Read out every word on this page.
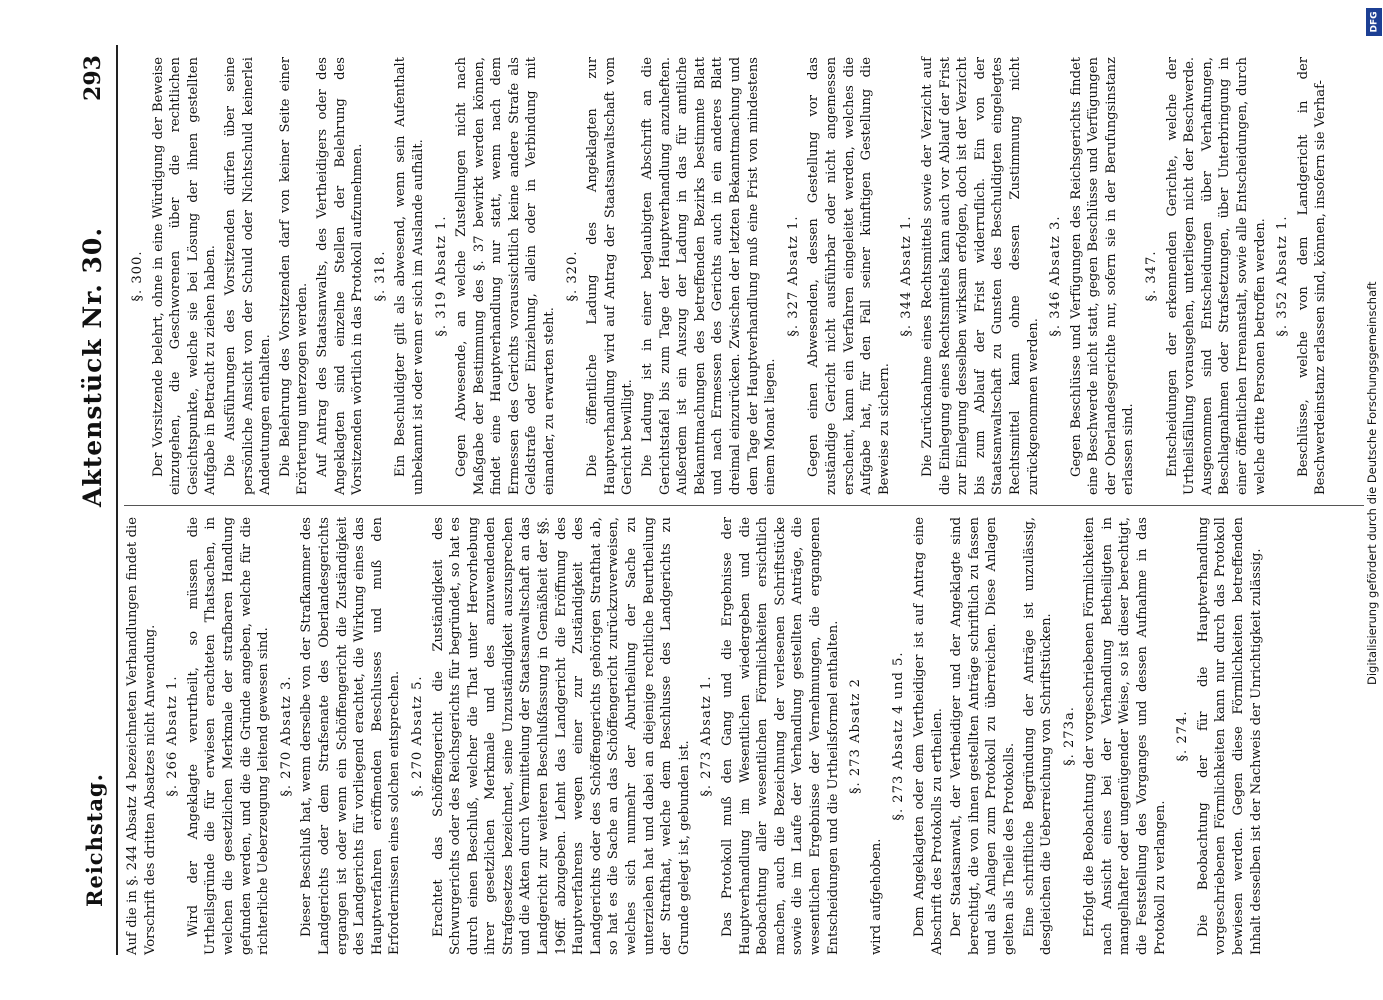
Reichstag.
Aktenstück Nr. 30.
293
Auf die in §. 244 Absatz 4 bezeichneten Verhandlungen findet die Vorschrift des dritten Absatzes nicht Anwendung. §. 266 Absatz 1. Wird der Angeklagte verurtheilt, so müssen die Urtheilsgründe die für erwiesen erachteten Thatsachen, in welchen die gesetzlichen Merkmale der strafbaren Handlung gefunden werden, und die die Gründe angeben, welche für die richterliche Ueberzeugung leitend gewesen sind. §. 270 Absatz 3. Dieser Beschluß hat, wenn derselbe von der Strafkammer des Landgerichts oder dem Strafsenate des Oberlandesgerichts ergangen ist oder wenn ein Schöffengericht die Zuständigkeit des Landgerichts für vorliegend erachtet, die Wirkung eines das Hauptverfahren eröffnenden Beschlusses und muß den Erfordernissen eines solchen entsprechen. §. 270 Absatz 5. Erachtet das Schöffengericht die Zuständigkeit des Schwurgerichts oder des Reichsgerichts für begründet, so hat es durch einen Beschluß, welcher die That unter Hervorhebung ihrer gesetzlichen Merkmale und des anzuwendenden Strafgesetzes bezeichnet, seine Unzuständigkeit auszusprechen und die Akten durch Vermittelung der Staatsanwaltschaft an das Landgericht zur weiteren Beschlußfassung in Gemäßheit der §§. 196ff. abzugeben. Lehnt das Landgericht die Eröffnung des Hauptverfahrens wegen einer zur Zuständigkeit des Landgerichts oder des Schöffengerichts gehörigen Strafthat ab, so hat es die Sache an das Schöffengericht zurückzuverweisen, welches sich nunmehr der Aburtheilung der Sache zu unterziehen hat und dabei an diejenige rechtliche Beurtheilung der Strafthat, welche dem Beschlusse des Landgerichts zu Grunde gelegt ist, gebunden ist.
§. 273 Absatz 1. Das Protokoll muß den Gang und die Ergebnisse der Hauptverhandlung im Wesentlichen wiedergeben und die Beobachtung aller wesentlichen Förmlichkeiten ersichtlich machen, auch die Bezeichnung der verlesenen Schriftstücke sowie die im Laufe der Verhandlung gestellten Anträge, die wesentlichen Ergebnisse der Vernehmungen, die ergangenen Entscheidungen und die Urtheilsformel enthalten. §. 273 Absatz 2
wird aufgehoben.
§. 273 Absatz 4 und 5. Dem Angeklagten oder dem Vertheidiger ist auf Antrag eine Abschrift des Protokolls zu ertheilen. Der Staatsanwalt, der Vertheidiger und der Angeklagte sind berechtigt, die von ihnen gestellten Anträge schriftlich zu fassen und als Anlagen zum Protokoll zu überreichen. Diese Anlagen gelten als Theile des Protokolls. Eine schriftliche Begründung der Anträge ist unzulässig, desgleichen die Ueberreichung von Schriftstücken. §. 273a. Erfolgt die Beobachtung der vorgeschriebenen Förmlichkeiten nach Ansicht eines bei der Verhandlung Betheiligten in mangelhafter oder ungenügender Weise, so ist dieser berechtigt, die Feststellung des Vorganges und dessen Aufnahme in das Protokoll zu verlangen.
§. 274. Die Beobachtung der für die Hauptverhandlung vorgeschriebenen Förmlichkeiten kann nur durch das Protokoll bewiesen werden. Gegen diese Förmlichkeiten betreffenden Inhalt desselben ist der Nachweis der Unrichtigkeit zulässig.
§. 300. Der Vorsitzende belehrt, ohne in eine Würdigung der Beweise einzugehen, die Geschworenen über die rechtlichen Gesichtspunkte, welche sie bei Lösung der ihnen gestellten Aufgabe in Betracht zu ziehen haben. Die Ausführungen des Vorsitzenden dürfen über seine persönliche Ansicht von der Schuld oder Nichtschuld keinerlei Andeutungen enthalten. Die Belehrung des Vorsitzenden darf von keiner Seite einer Erörterung unterzogen werden. Auf Antrag des Staatsanwalts, des Vertheidigers oder des Angeklagten sind einzelne Stellen der Belehrung des Vorsitzenden wörtlich in das Protokoll aufzunehmen. §. 318. Ein Beschuldigter gilt als abwesend, wenn sein Aufenthalt unbekannt ist oder wenn er sich im Auslande aufhält. §. 319 Absatz 1. Gegen Abwesende, an welche Zustellungen nicht nach Maßgabe der Bestimmung des §. 37 bewirkt werden können, findet eine Hauptverhandlung nur statt, wenn nach dem Ermessen des Gerichts voraussichtlich keine andere Strafe als Geldstrafe oder Einziehung, allein oder in Verbindung mit einander, zu erwarten steht.
§. 320. Die öffentliche Ladung des Angeklagten zur Hauptverhandlung wird auf Antrag der Staatsanwaltschaft vom Gericht bewilligt. Die Ladung ist in einer beglaubigten Abschrift an die Gerichtstafel bis zum Tage der Hauptverhandlung anzuheften. Außerdem ist ein Auszug der Ladung in das für amtliche Bekanntmachungen des betreffenden Bezirks bestimmte Blatt und nach Ermessen des Gerichts auch in ein anderes Blatt dreimal einzurücken. Zwischen der letzten Bekanntmachung und dem Tage der Hauptverhandlung muß eine Frist von mindestens einem Monat liegen.
§. 327 Absatz 1. Gegen einen Abwesenden, dessen Gestellung vor das zuständige Gericht nicht ausführbar oder nicht angemessen erscheint, kann ein Verfahren eingeleitet werden, welches die Aufgabe hat, für den Fall seiner künftigen Gestellung die Beweise zu sichern.
§. 344 Absatz 1. Die Zurücknahme eines Rechtsmittels sowie der Verzicht auf die Einlegung eines Rechtsmittels kann auch vor Ablauf der Frist zur Einlegung desselben wirksam erfolgen, doch ist der Verzicht bis zum Ablauf der Frist widerruflich. Ein von der Staatsanwaltschaft zu Gunsten des Beschuldigten eingelegtes Rechtsmittel kann ohne dessen Zustimmung nicht zurückgenommen werden.
§. 346 Absatz 3. Gegen Beschlüsse und Verfügungen des Reichsgerichts findet eine Beschwerde nicht statt, gegen Beschlüsse und Verfügungen der Oberlandesgerichte nur, sofern sie in der Berufungsinstanz erlassen sind.
§. 347. Entscheidungen der erkennenden Gerichte, welche der Urtheilsfällung vorausgehen, unterliegen nicht der Beschwerde. Ausgenommen sind Entscheidungen über Verhaftungen, Beschlagnahmen oder Strafsetzungen, über Unterbringung in einer öffentlichen Irrenanstalt, sowie alle Entscheidungen, durch welche dritte Personen betroffen werden. §. 352 Absatz 1. Beschlüsse, welche von dem Landgericht in der Beschwerdeinstanz erlassen sind, können, insofern sie Verhaf-
DFG
Digitalisierung gefördert durch die Deutsche Forschungsgemeinschaft
